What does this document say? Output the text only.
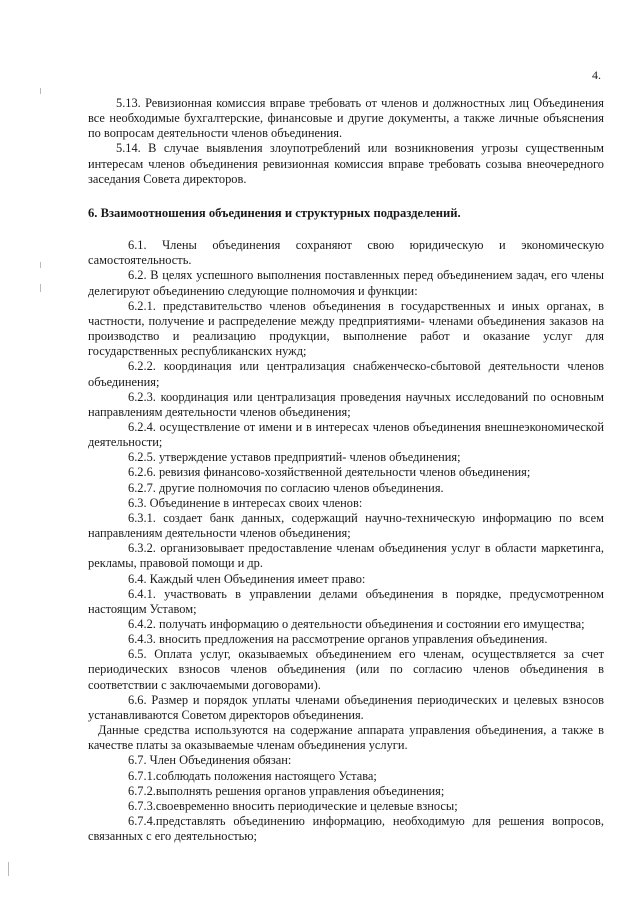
4.

5.13. Ревизионная комиссия вправе требовать от членов и должностных лиц Объединения все необходимые бухгалтерские, финансовые и другие документы, а также личные объяснения по вопросам деятельности членов объединения.

5.14. В случае выявления злоупотреблений или возникновения угрозы существенным интересам членов объединения ревизионная комиссия вправе требовать созыва внеочередного заседания Совета директоров.

6. Взаимоотношения объединения и структурных подразделений.

6.1. Члены объединения сохраняют свою юридическую и экономическую самостоятельность.

6.2. В целях успешного выполнения поставленных перед объединением задач, его члены делегируют объединению следующие полномочия и функции:

6.2.1. представительство членов объединения в государственных и иных органах, в частности, получение и распределение между предприятиями- членами объединения заказов на производство и реализацию продукции, выполнение работ и оказание услуг для государственных республиканских нужд;

6.2.2. координация или централизация снабженческо-сбытовой деятельности членов объединения;

6.2.3. координация или централизация проведения научных исследований по основным направлениям деятельности членов объединения;

6.2.4. осуществление от имени и в интересах членов объединения внешнеэкономической деятельности;

6.2.5. утверждение уставов предприятий- членов объединения;

6.2.6. ревизия финансово-хозяйственной деятельности членов объединения;

6.2.7. другие полномочия по согласию членов объединения.

6.3. Объединение в интересах своих членов:

6.3.1. создает банк данных, содержащий научно-техническую информацию по всем направлениям деятельности членов объединения;

6.3.2. организовывает предоставление членам объединения услуг в области маркетинга, рекламы, правовой помощи и др.

6.4. Каждый член Объединения имеет право:

6.4.1. участвовать в управлении делами объединения в порядке, предусмотренном настоящим Уставом;

6.4.2. получать информацию о деятельности объединения и состоянии его имущества;

6.4.3. вносить предложения на рассмотрение органов управления объединения.

6.5. Оплата услуг, оказываемых объединением его членам, осуществляется за счет периодических взносов членов объединения (или по согласию членов объединения в соответствии с заключаемыми договорами).

6.6. Размер и порядок уплаты членами объединения периодических и целевых взносов устанавливаются Советом директоров объединения.

Данные средства используются на содержание аппарата управления объединения, а также в качестве платы за оказываемые членам объединения услуги.

6.7. Член Объединения обязан:

6.7.1.соблюдать положения настоящего Устава;

6.7.2.выполнять решения органов управления объединения;

6.7.3.своевременно вносить периодические и целевые взносы;

6.7.4.представлять объединению информацию, необходимую для решения вопросов, связанных с его деятельностью;
